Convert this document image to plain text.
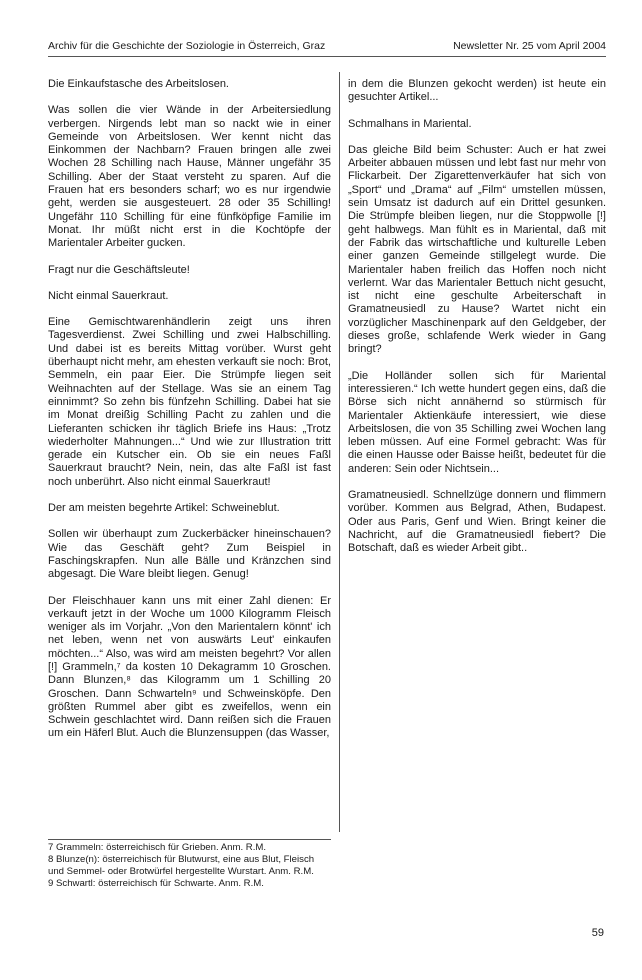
Archiv für die Geschichte der Soziologie in Österreich, Graz	Newsletter Nr. 25 vom April 2004

Die Einkaufstasche des Arbeitslosen.

Was sollen die vier Wände in der Arbeitersiedlung verbergen. Nirgends lebt man so nackt wie in einer Gemeinde von Arbeitslosen. Wer kennt nicht das Einkommen der Nachbarn? Frauen bringen alle zwei Wochen 28 Schilling nach Hause, Männer ungefähr 35 Schilling. Aber der Staat versteht zu sparen. Auf die Frauen hat ers besonders scharf; wo es nur irgendwie geht, werden sie ausgesteuert. 28 oder 35 Schilling! Ungefähr 110 Schilling für eine fünfköpfige Familie im Monat. Ihr müßt nicht erst in die Kochtöpfe der Marientaler Arbeiter gucken.

Fragt nur die Geschäftsleute!

Nicht einmal Sauerkraut.

Eine Gemischtwarenhändlerin zeigt uns ihren Tagesverdienst. Zwei Schilling und zwei Halbschilling. Und dabei ist es bereits Mittag vorüber. Wurst geht überhaupt nicht mehr, am ehesten verkauft sie noch: Brot, Semmeln, ein paar Eier. Die Strümpfe liegen seit Weihnachten auf der Stellage. Was sie an einem Tag einnimmt? So zehn bis fünfzehn Schilling. Dabei hat sie im Monat dreißig Schilling Pacht zu zahlen und die Lieferanten schicken ihr täglich Briefe ins Haus: „Trotz wiederholter Mahnungen...“ Und wie zur Illustration tritt gerade ein Kutscher ein. Ob sie ein neues Faßl Sauerkraut braucht? Nein, nein, das alte Faßl ist fast noch unberührt. Also nicht einmal Sauerkraut!

Der am meisten begehrte Artikel: Schweineblut.

Sollen wir überhaupt zum Zuckerbäcker hineinschauen? Wie das Geschäft geht? Zum Beispiel in Faschingskrapfen. Nun alle Bälle und Kränzchen sind abgesagt. Die Ware bleibt liegen. Genug!

Der Fleischhauer kann uns mit einer Zahl dienen: Er verkauft jetzt in der Woche um 1000 Kilogramm Fleisch weniger als im Vorjahr. „Von den Marientalern könnt' ich net leben, wenn net von auswärts Leut' einkaufen möchten...“ Also, was wird am meisten begehrt? Vor allen [!] Grammeln,⁷ da kosten 10 Dekagramm 10 Groschen. Dann Blunzen,⁸ das Kilogramm um 1 Schilling 20 Groschen. Dann Schwarteln⁹ und Schweinsköpfe. Den größten Rummel aber gibt es zweifellos, wenn ein Schwein geschlachtet wird. Dann reißen sich die Frauen um ein Häferl Blut. Auch die Blunzensuppen (das Wasser,

in dem die Blunzen gekocht werden) ist heute ein gesuchter Artikel...

Schmalhans in Mariental.

Das gleiche Bild beim Schuster: Auch er hat zwei Arbeiter abbauen müssen und lebt fast nur mehr von Flickarbeit. Der Zigarettenverkäufer hat sich von „Sport“ und „Drama“ auf „Film“ umstellen müssen, sein Umsatz ist dadurch auf ein Drittel gesunken. Die Strümpfe bleiben liegen, nur die Stoppwolle [!] geht halbwegs. Man fühlt es in Mariental, daß mit der Fabrik das wirtschaftliche und kulturelle Leben einer ganzen Gemeinde stillgelegt wurde. Die Marientaler haben freilich das Hoffen noch nicht verlernt. War das Marientaler Bettuch nicht gesucht, ist nicht eine geschulte Arbeiterschaft in Gramatneusiedl zu Hause? Wartet nicht ein vorzüglicher Maschinenpark auf den Geldgeber, der dieses große, schlafende Werk wieder in Gang bringt?

„Die Holländer sollen sich für Mariental interessieren.“ Ich wette hundert gegen eins, daß die Börse sich nicht annähernd so stürmisch für Marientaler Aktienkäufe interessiert, wie diese Arbeitslosen, die von 35 Schilling zwei Wochen lang leben müssen. Auf eine Formel gebracht: Was für die einen Hausse oder Baisse heißt, bedeutet für die anderen: Sein oder Nichtsein...

Gramatneusiedl. Schnellzüge donnern und flimmern vorüber. Kommen aus Belgrad, Athen, Budapest. Oder aus Paris, Genf und Wien. Bringt keiner die Nachricht, auf die Gramatneusiedl fiebert? Die Botschaft, daß es wieder Arbeit gibt..

7 Grammeln: österreichisch für Grieben. Anm. R.M.
8 Blunze(n): österreichisch für Blutwurst, eine aus Blut, Fleisch und Semmel- oder Brotwürfel hergestellte Wurstart. Anm. R.M.
9 Schwartl: österreichisch für Schwarte. Anm. R.M.
59
